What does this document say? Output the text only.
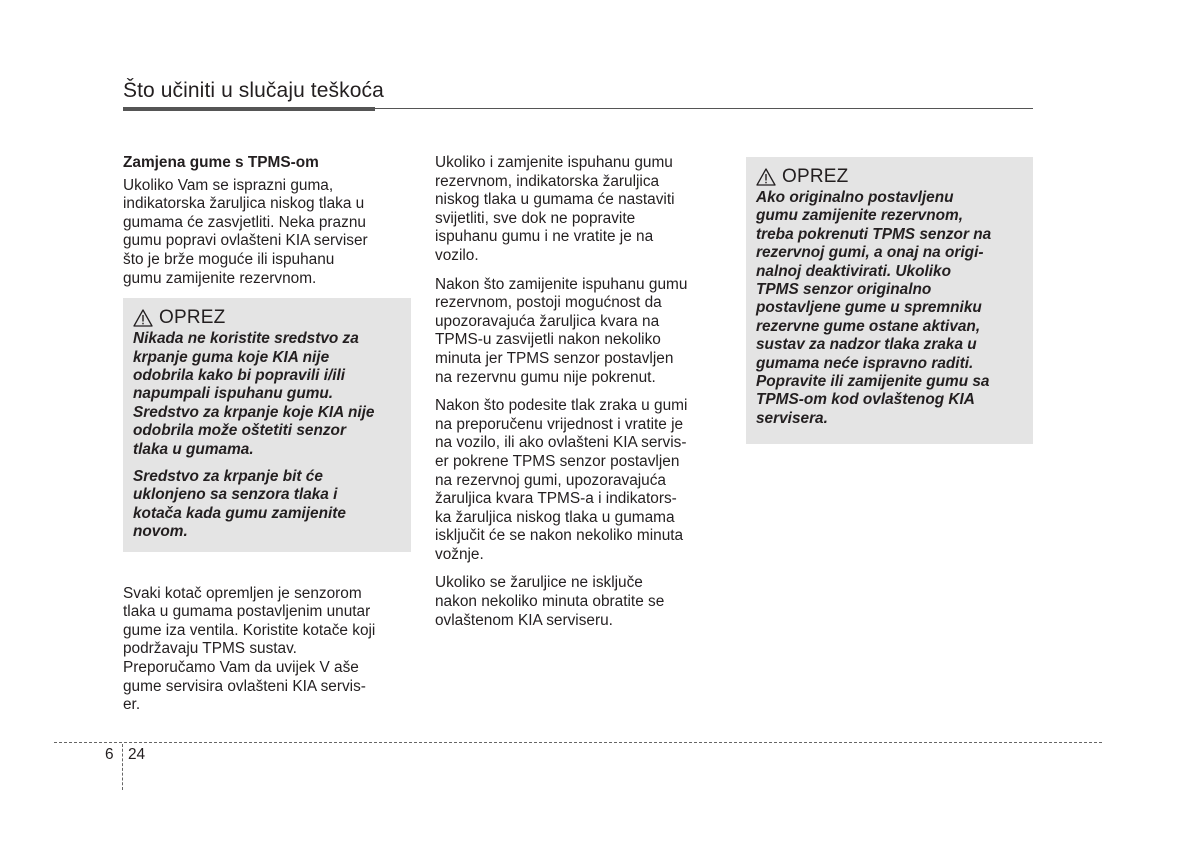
Što učiniti u slučaju teškoća

Zamjena gume s TPMS-om

Ukoliko Vam se ispraznі guma,
indikatorska žaruljica niskog tlaka u
gumama će zasvjetliti. Neka praznu
gumu popravi ovlašteni KIA serviser
što je brže moguće ili ispuhanu
gumu zamijenite rezervnom.

OPREZ

Nikada ne koristite sredstvo za
krpanje guma koje KIA nije
odobrila kako bi popravili i/ili
napumpali ispuhanu gumu.
Sredstvo za krpanje koje KIA nije
odobrila može oštetiti senzor
tlaka u gumama.

Sredstvo za krpanje bit će
uklonjeno sa senzora tlaka i
kotača kada gumu zamijenite
novom.

Svaki kotač opremljen je senzorom
tlaka u gumama postavljenim unutar
gume iza ventila. Koristite kotače koji
podržavaju TPMS sustav.
Preporučamo Vam da uvijek V aše
gume servisira ovlašteni KIA servis-
er.

Ukoliko i zamjenite ispuhanu gumu
rezervnom, indikatorska žaruljica
niskog tlaka u gumama će nastaviti
svijetliti, sve dok ne popravite
ispuhanu gumu i ne vratite je na
vozilo.

Nakon što zamijenite ispuhanu gumu
rezervnom, postoji mogućnost da
upozoravajuća žaruljica kvara na
TPMS-u zasvijetli nakon nekoliko
minuta jer TPMS senzor postavljen
na rezervnu gumu nije pokrenut.

Nakon što podesite tlak zraka u gumi
na preporučenu vrijednost i vratite je
na vozilo, ili ako ovlašteni KIA servis-
er pokrene TPMS senzor postavljen
na rezervnoj gumi, upozoravajuća
žaruljica kvara TPMS-a i indikators-
ka žaruljica niskog tlaka u gumama
isključit će se nakon nekoliko minuta
vožnje.

Ukoliko se žaruljice ne isključe
nakon nekoliko minuta obratite se
ovlaštenom KIA serviseru.

OPREZ

Ako originalno postavljenu
gumu zamijenite rezervnom,
treba pokrenuti TPMS senzor na
rezervnoj gumi, a onaj na origi-
nalnoj deaktivirati. Ukoliko
TPMS senzor originalno
postavljene gume u spremniku
rezervne gume ostane aktivan,
sustav za nadzor tlaka zraka u
gumama neće ispravno raditi.
Popravite ili zamijenite gumu sa
TPMS-om kod ovlaštenog KIA
servisera.

6 24
